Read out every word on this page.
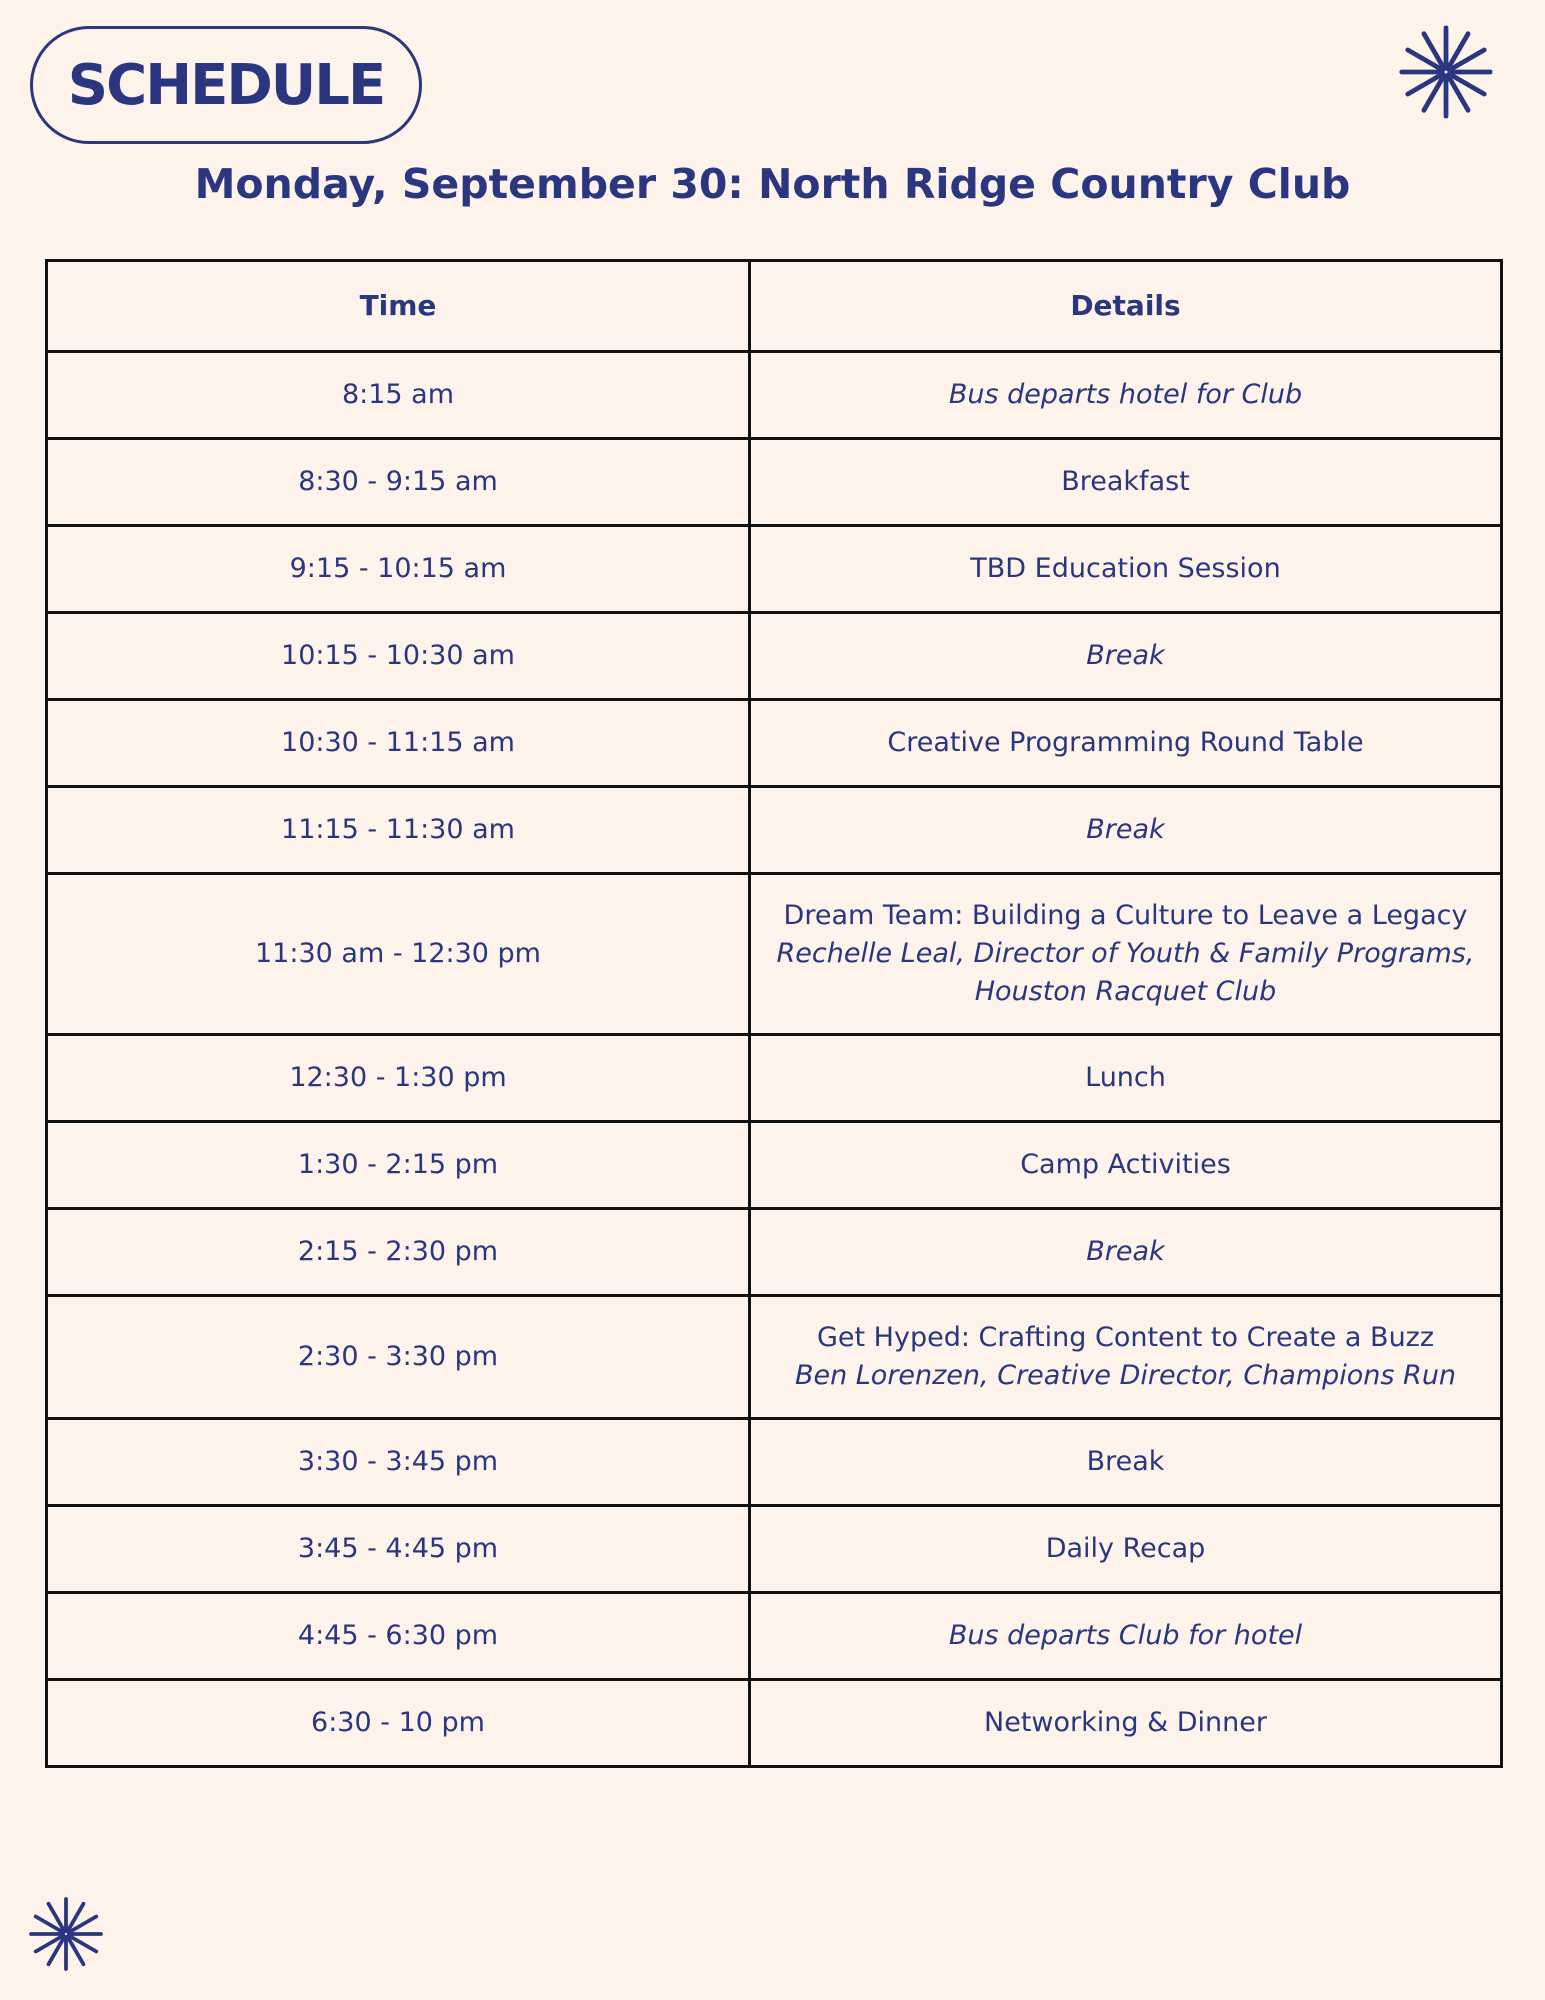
SCHEDULE
Monday, September 30: North Ridge Country Club
Time	Details
8:15 am	Bus departs hotel for Club

8:30 - 9:15 am	Breakfast

9:15 - 10:15 am	TBD Education Session

10:15 - 10:30 am	Break

10:30 - 11:15 am	Creative Programming Round Table

11:15 - 11:30 am	Break

11:30 am - 12:30 pm	Dream Team: Building a Culture to Leave a Legacy
Rechelle Leal, Director of Youth & Family Programs,
Houston Racquet Club

12:30 - 1:30 pm	Lunch

1:30 - 2:15 pm	Camp Activities

2:15 - 2:30 pm	Break

2:30 - 3:30 pm	Get Hyped: Crafting Content to Create a Buzz
Ben Lorenzen, Creative Director, Champions Run

3:30 - 3:45 pm	Break

3:45 - 4:45 pm	Daily Recap

4:45 - 6:30 pm	Bus departs Club for hotel

6:30 - 10 pm	Networking & Dinner
